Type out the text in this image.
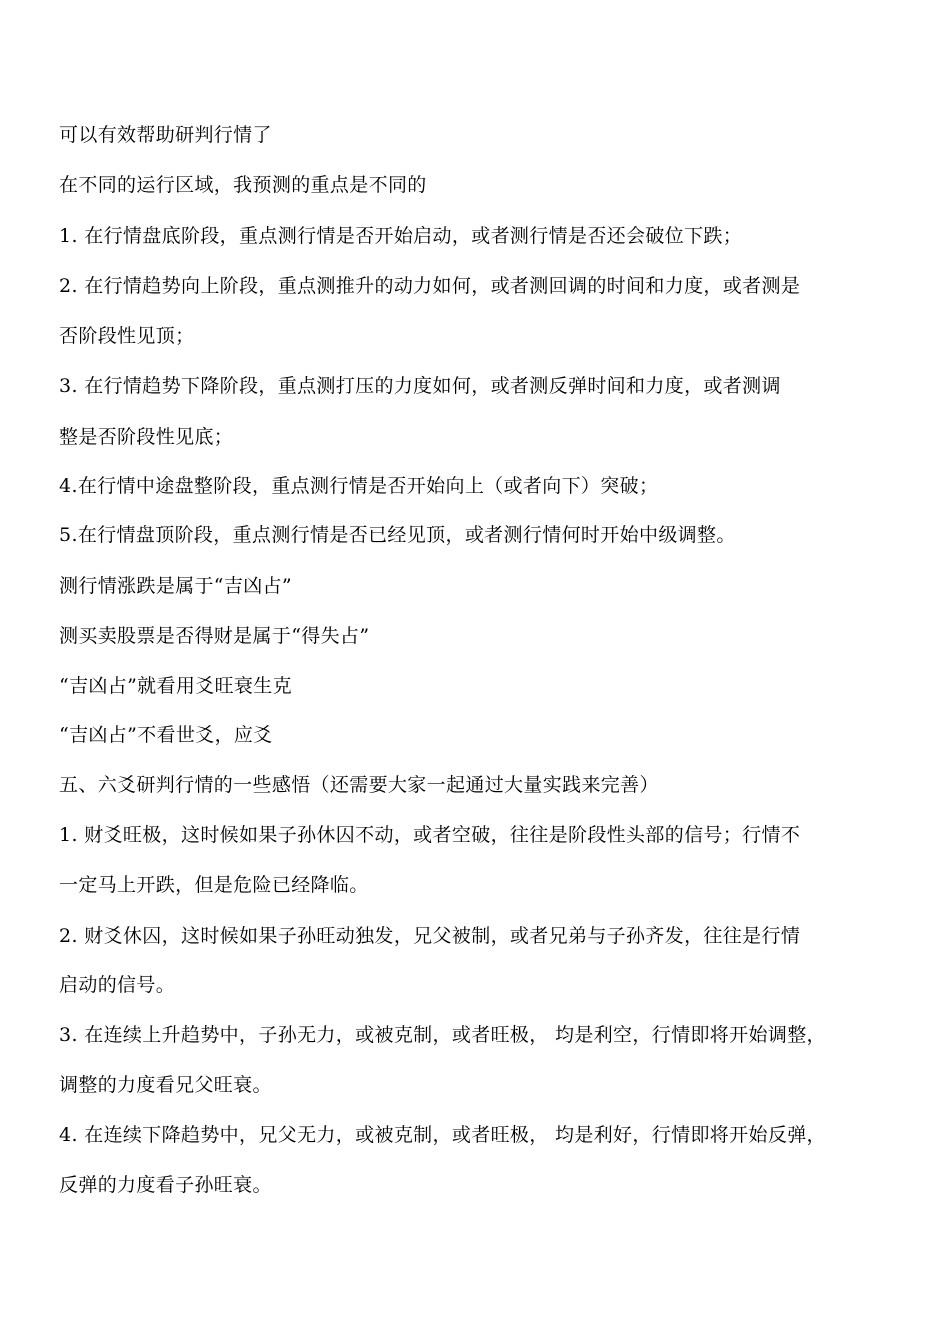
可以有效帮助研判行情了
在不同的运行区域，我预测的重点是不同的
1. 在行情盘底阶段，重点测行情是否开始启动，或者测行情是否还会破位下跌；
2. 在行情趋势向上阶段，重点测推升的动力如何，或者测回调的时间和力度，或者测是
否阶段性见顶；
3. 在行情趋势下降阶段，重点测打压的力度如何，或者测反弹时间和力度，或者测调
整是否阶段性见底；
4.在行情中途盘整阶段，重点测行情是否开始向上（或者向下）突破；
5.在行情盘顶阶段，重点测行情是否已经见顶，或者测行情何时开始中级调整。
测行情涨跌是属于“吉凶占”
测买卖股票是否得财是属于“得失占”
“吉凶占”就看用爻旺衰生克
“吉凶占”不看世爻，应爻
五、六爻研判行情的一些感悟（还需要大家一起通过大量实践来完善）
1. 财爻旺极，这时候如果子孙休囚不动，或者空破，往往是阶段性头部的信号；行情不
一定马上开跌，但是危险已经降临。
2. 财爻休囚，这时候如果子孙旺动独发，兄父被制，或者兄弟与子孙齐发，往往是行情
启动的信号。
3. 在连续上升趋势中，子孙无力，或被克制，或者旺极， 均是利空，行情即将开始调整，
调整的力度看兄父旺衰。
4. 在连续下降趋势中，兄父无力，或被克制，或者旺极， 均是利好，行情即将开始反弹，
反弹的力度看子孙旺衰。
